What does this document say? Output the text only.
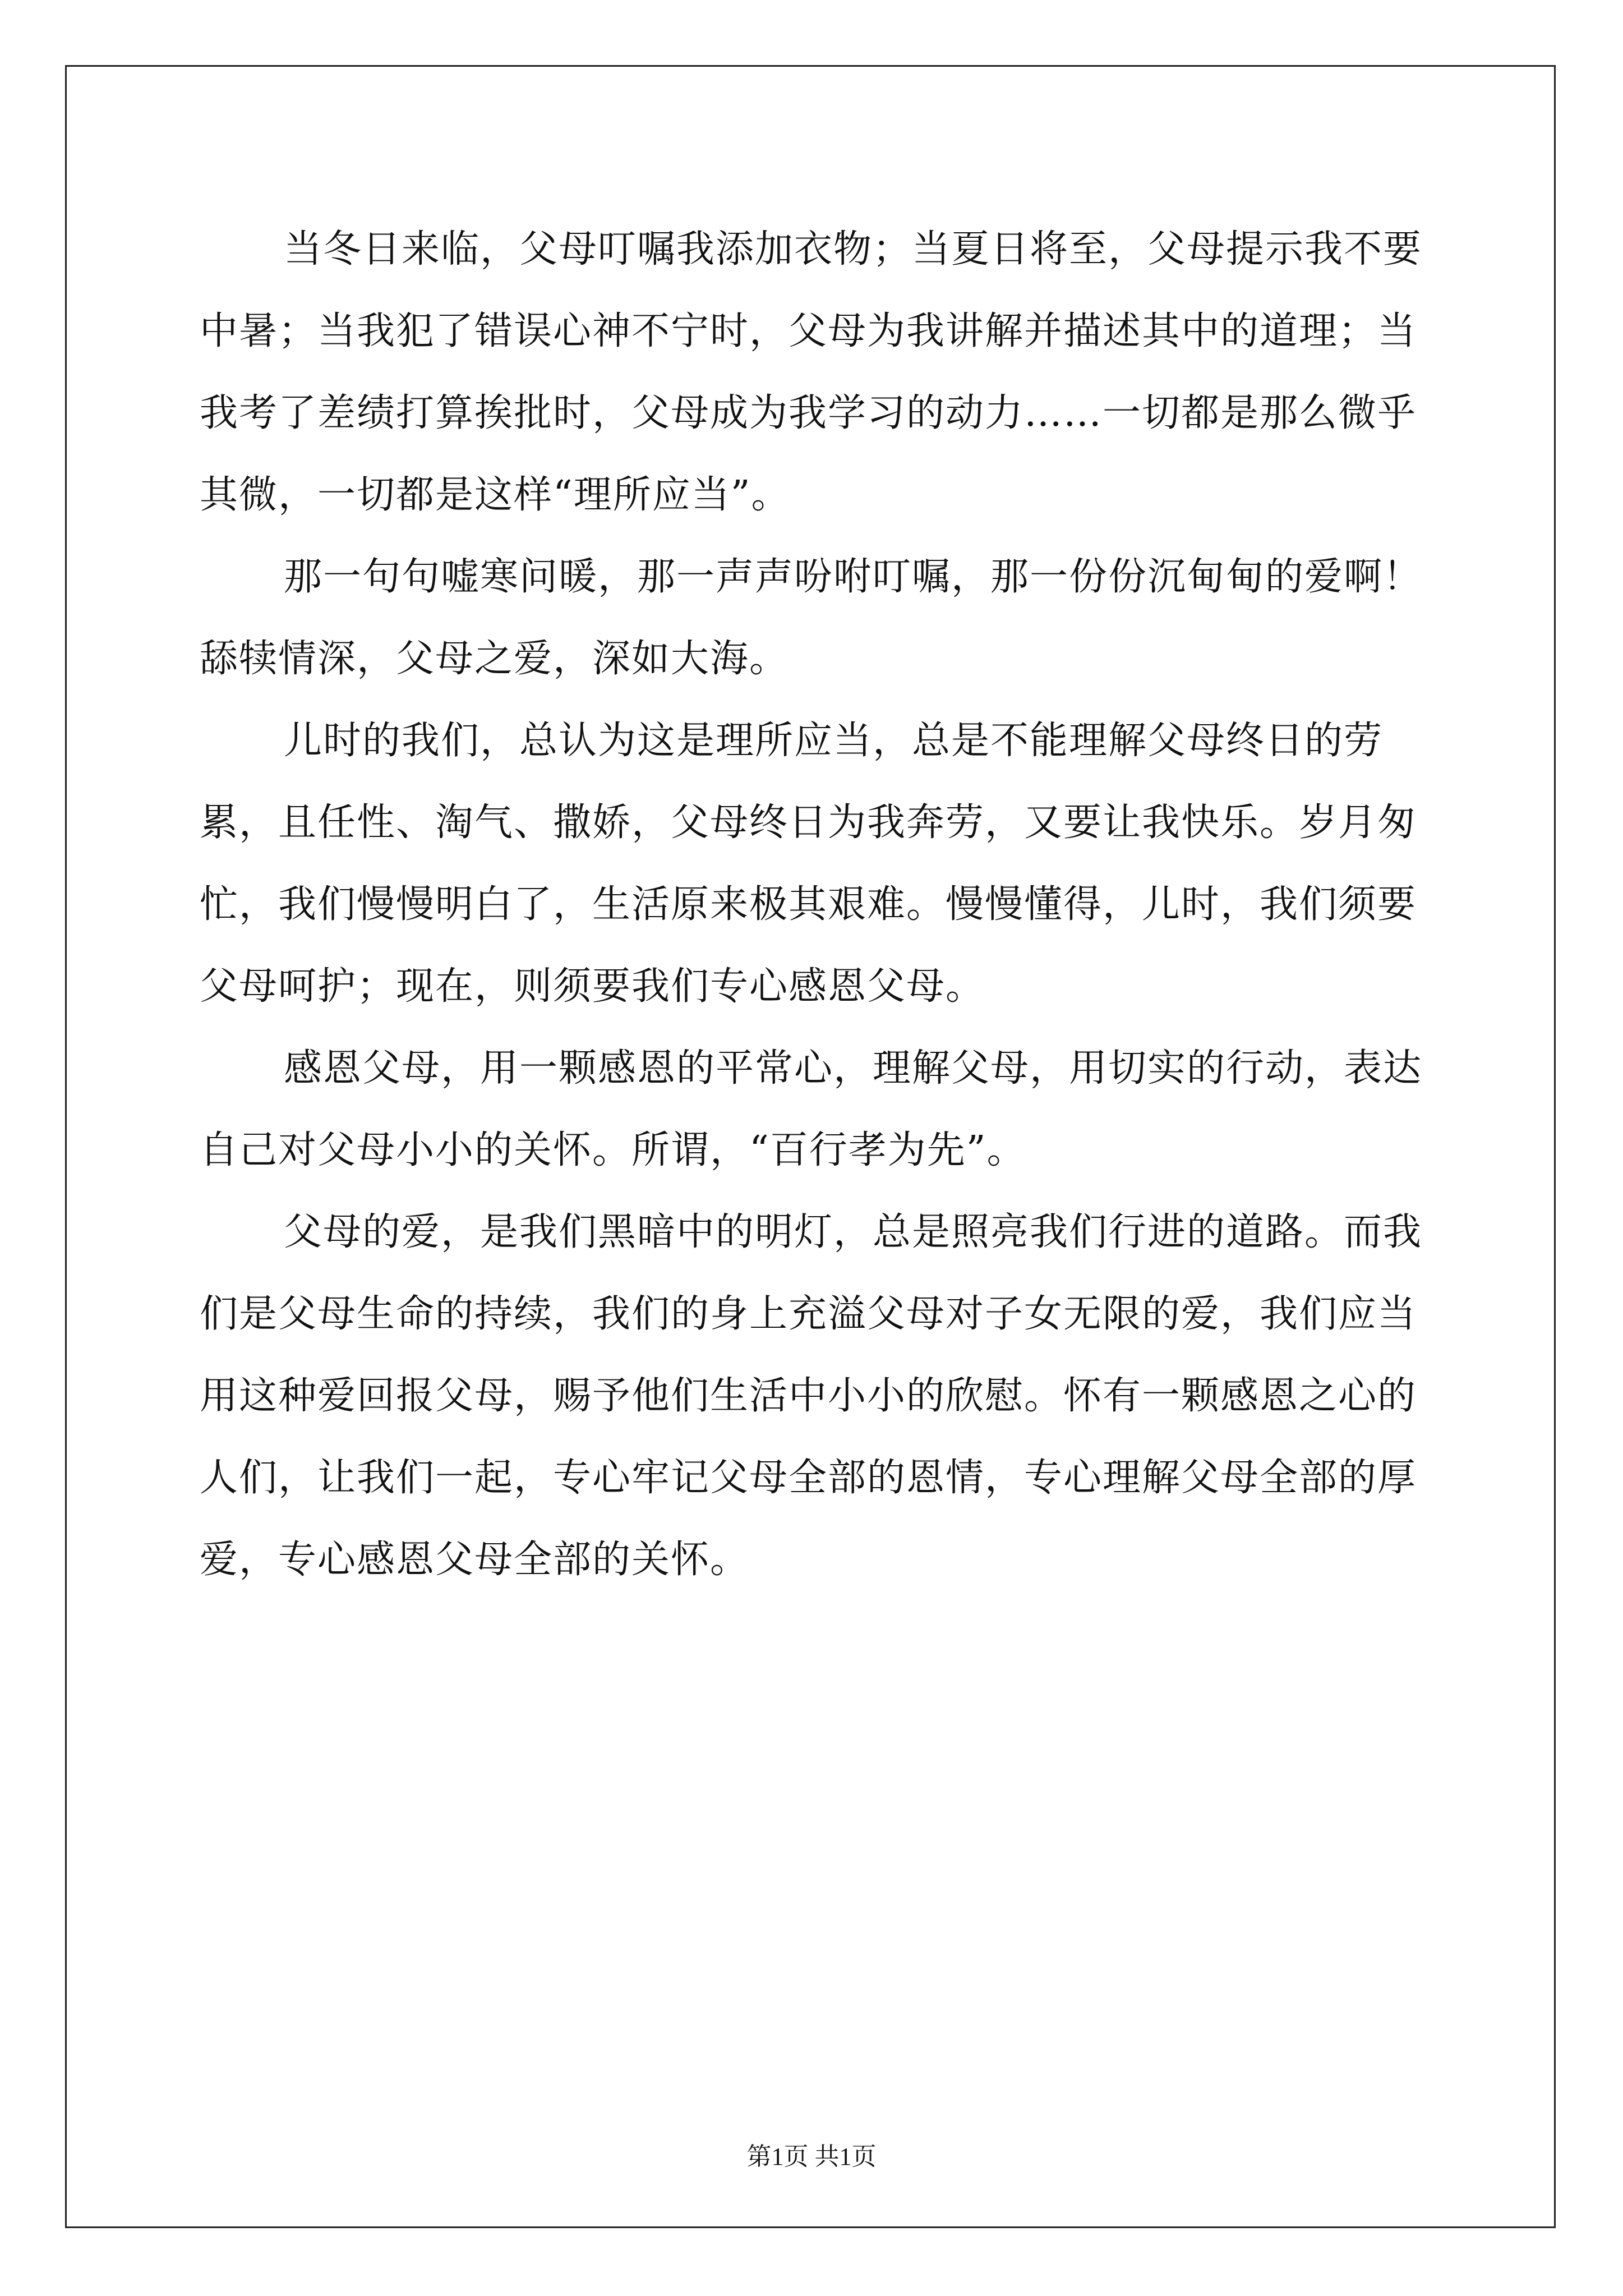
当冬日来临，父母叮嘱我添加衣物；当夏日将至，父母提示我不要中暑；当我犯了错误心神不宁时，父母为我讲解并描述其中的道理；当我考了差绩打算挨批时，父母成为我学习的动力……一切都是那么微乎其微，一切都是这样“理所应当”。

那一句句嘘寒问暖，那一声声吩咐叮嘱，那一份份沉甸甸的爱啊！舔犊情深，父母之爱，深如大海。

儿时的我们，总认为这是理所应当，总是不能理解父母终日的劳累，且任性、淘气、撒娇，父母终日为我奔劳，又要让我快乐。岁月匆忙，我们慢慢明白了，生活原来极其艰难。慢慢懂得，儿时，我们须要父母呵护；现在，则须要我们专心感恩父母。

感恩父母，用一颗感恩的平常心，理解父母，用切实的行动，表达自己对父母小小的关怀。所谓，“百行孝为先”。

父母的爱，是我们黑暗中的明灯，总是照亮我们行进的道路。而我们是父母生命的持续，我们的身上充溢父母对子女无限的爱，我们应当用这种爱回报父母，赐予他们生活中小小的欣慰。怀有一颗感恩之心的人们，让我们一起，专心牢记父母全部的恩情，专心理解父母全部的厚爱，专心感恩父母全部的关怀。

第1页 共1页
